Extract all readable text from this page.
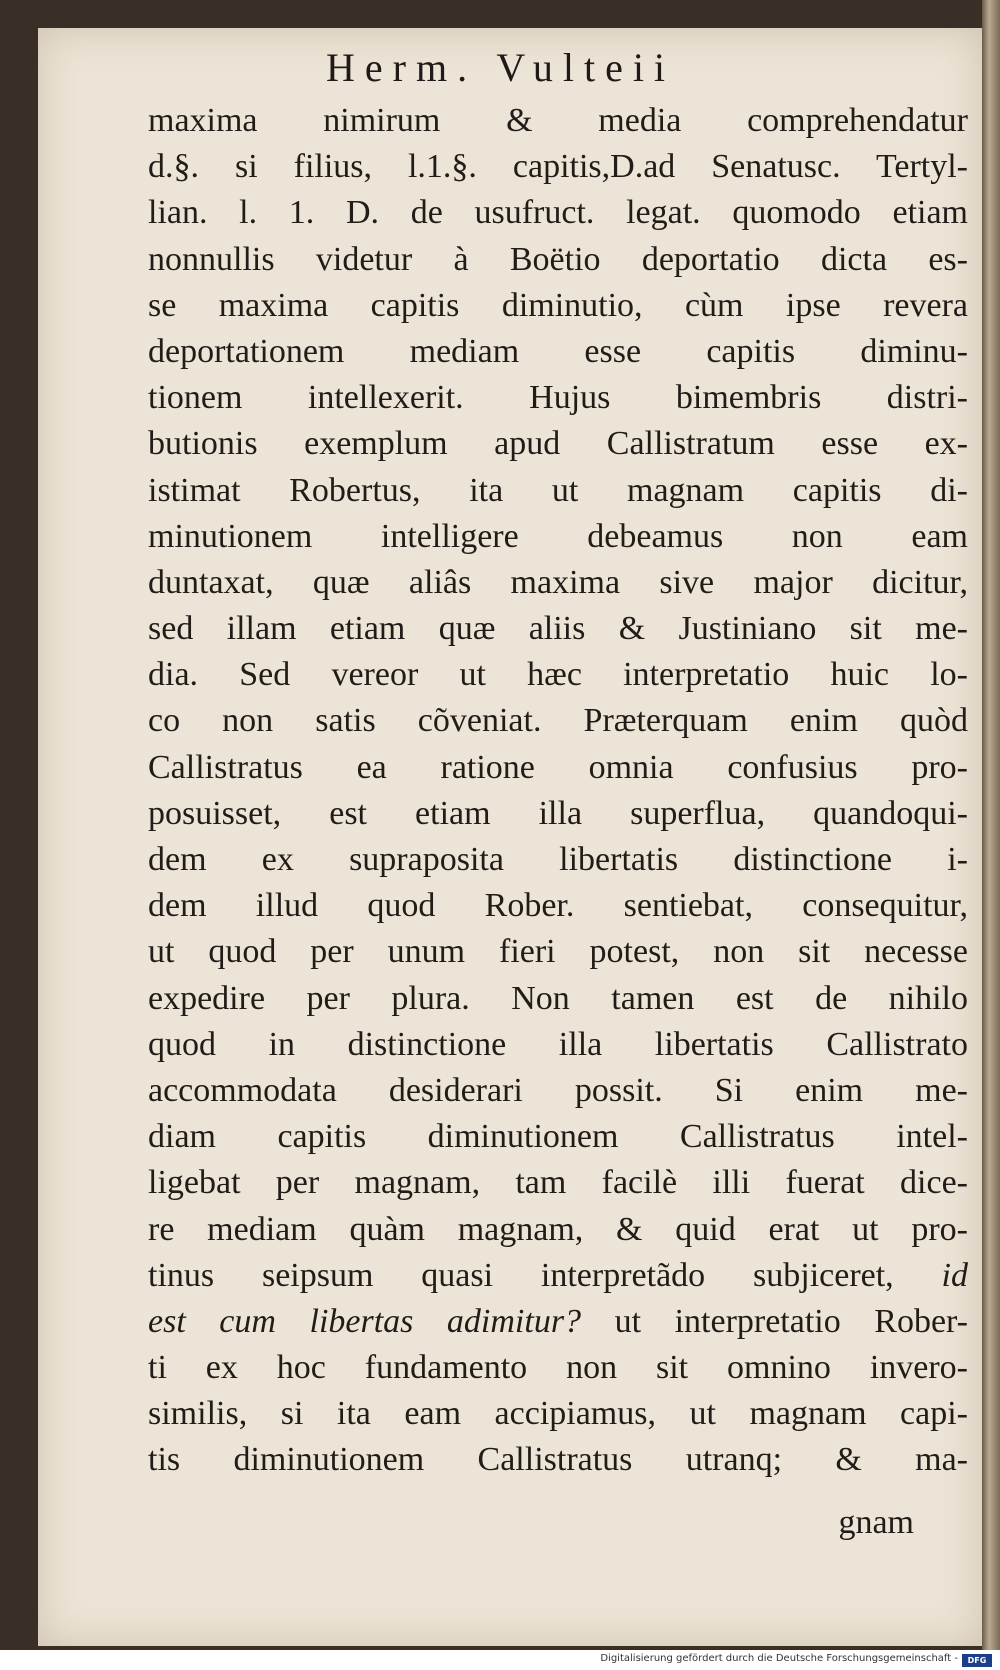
Herm. Vulteii
maxima nimirum & media comprehendatur
d.§. si filius, l.1.§. capitis,D.ad Senatusc. Tertyl-
lian. l. 1. D. de usufruct. legat. quomodo etiam
nonnullis videtur à Boëtio deportatio dicta es-
se maxima capitis diminutio, cùm ipse revera
deportationem mediam esse capitis diminu-
tionem intellexerit. Hujus bimembris distri-
butionis exemplum apud Callistratum esse ex-
istimat Robertus, ita ut magnam capitis di-
minutionem intelligere debeamus non eam
duntaxat, quæ aliâs maxima sive major dicitur,
sed illam etiam quæ aliis & Justiniano sit me-
dia. Sed vereor ut hæc interpretatio huic lo-
co non satis cõveniat. Præterquam enim quòd
Callistratus ea ratione omnia confusius pro-
posuisset, est etiam illa superflua, quandoqui-
dem ex supraposita libertatis distinctione i-
dem illud quod Rober. sentiebat, consequitur,
ut quod per unum fieri potest, non sit necesse
expedire per plura. Non tamen est de nihilo
quod in distinctione illa libertatis Callistrato
accommodata desiderari possit. Si enim me-
diam capitis diminutionem Callistratus intel-
ligebat per magnam, tam facilè illi fuerat dice-
re mediam quàm magnam, & quid erat ut pro-
tinus seipsum quasi interpretãdo subjiceret, id
est cum libertas adimitur? ut interpretatio Rober-
ti ex hoc fundamento non sit omnino invero-
similis, si ita eam accipiamus, ut magnam capi-
tis diminutionem Callistratus utranq; & ma-
gnam
Digitalisierung gefördert durch die Deutsche Forschungsgemeinschaft -	DFG
